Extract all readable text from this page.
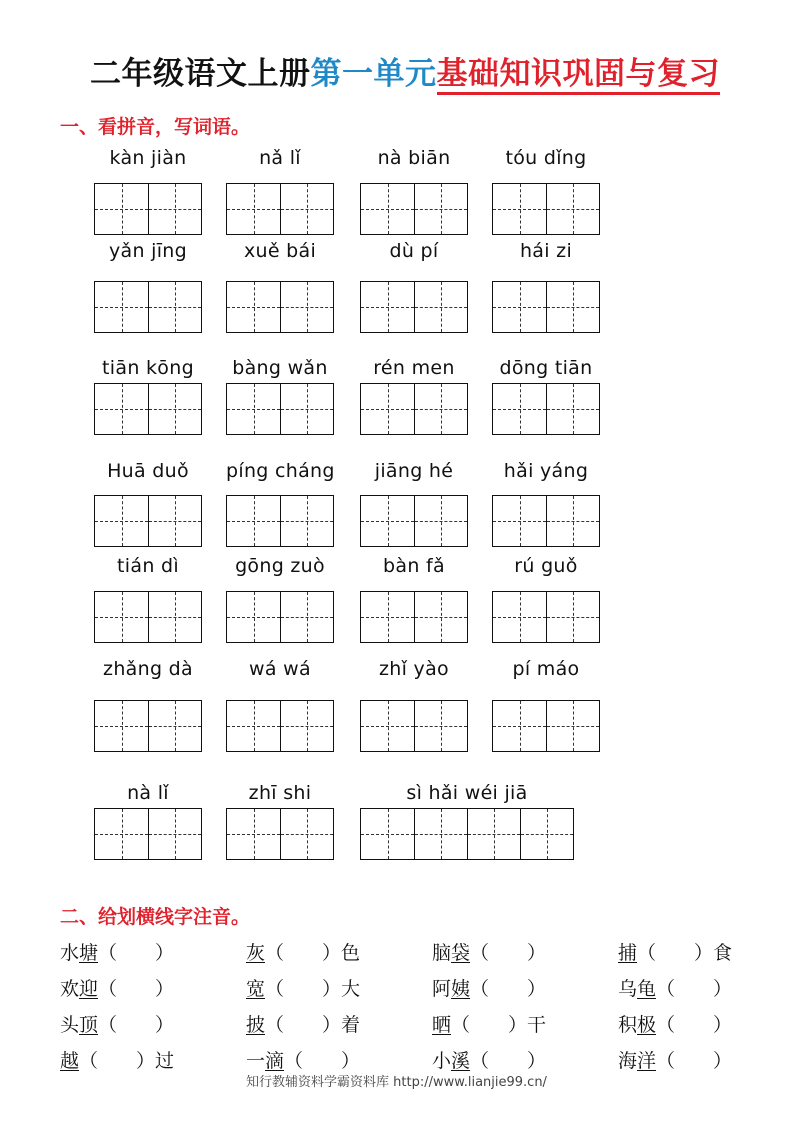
二年级语文上册第一单元基础知识巩固与复习
一、看拼音，写词语。
kàn jiàn	nǎ lǐ	nà biān	tóu dǐng
yǎn jīng	xuě bái	dù pí	hái zi
tiān kōng	bàng wǎn	rén men	dōng tiān
Huā duǒ	píng cháng	jiāng hé	hǎi yáng
tián dì	gōng zuò	bàn fǎ	rú guǒ
zhǎng dà	wá wá	zhǐ yào	pí máo
nà lǐ	zhī shi	sì hǎi wéi jiā
二、给划横线字注音。
水塘（　　）	灰（　　）色	脑袋（　　）	捕（　　）食
欢迎（　　）	宽（　　）大	阿姨（　　）	乌龟（　　）
头顶（　　）	披（　　）着	晒（　　）干	积极（　　）
越（　　）过	一滴（　　）	小溪（　　）	海洋（　　）
知行教辅资料学霸资料库 http://www.lianjie99.cn/
